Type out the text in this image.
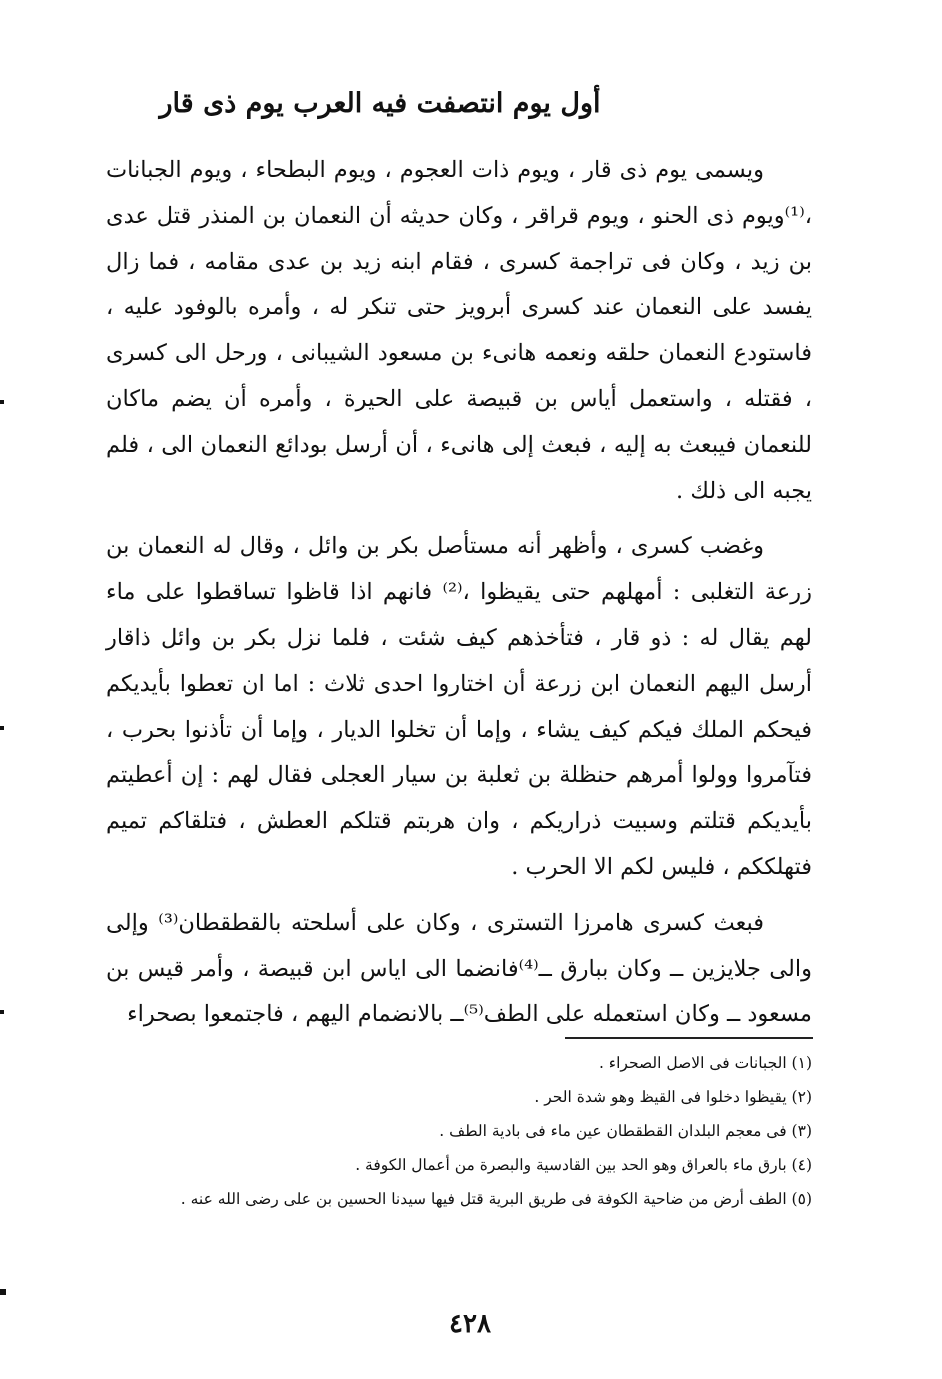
أول يوم انتصفت فيه العرب يوم ذى قار

ويسمى يوم ذى قار ، ويوم ذات العجوم ، ويوم البطحاء ، ويوم الجبانات ،⁽¹⁾ويوم ذى الحنو ، ويوم قراقر ، وكان حديثه أن النعمان بن المنذر قتل عدى بن زيد ، وكان فى تراجمة كسرى ، فقام ابنه زيد بن عدى مقامه ، فما زال يفسد على النعمان عند كسرى أبرويز حتى تنكر له ، وأمره بالوفود عليه ، فاستودع النعمان حلقه ونعمه هانىء بن مسعود الشيبانى ، ورحل الى كسرى ، فقتله ، واستعمل أياس بن قبيصة على الحيرة ، وأمره أن يضم ماكان للنعمان فيبعث به إليه ، فبعث إلى هانىء ، أن أرسل بودائع النعمان الى ، فلم يجبه الى ذلك .

وغضب كسرى ، وأظهر أنه مستأصل بكر بن وائل ، وقال له النعمان بن زرعة التغلبى : أمهلهم حتى يقيظوا ،⁽²⁾ فانهم اذا قاظوا تساقطوا على ماء لهم يقال له : ذو قار ، فتأخذهم كيف شئت ، فلما نزل بكر بن وائل ذاقار أرسل اليهم النعمان ابن زرعة أن اختاروا احدى ثلاث : اما ان تعطوا بأيديكم فيحكم الملك فيكم كيف يشاء ، وإما أن تخلوا الديار ، وإما أن تأذنوا بحرب ، فتآمروا وولوا أمرهم حنظلة بن ثعلبة بن سيار العجلى فقال لهم : إن أعطيتم بأيديكم قتلتم وسبيت ذراريكم ، وان هربتم قتلكم العطش ، فتلقاكم تميم فتهلككم ، فليس لكم الا الحرب .

فبعث كسرى هامرزا التسترى ، وكان على أسلحته بالقطقطان⁽³⁾ وإلى والى جلايزين ــ وكان ببارق ــ⁽⁴⁾فانضما الى اياس ابن قبيصة ، وأمر قيس بن مسعود ــ وكان استعمله على الطف⁽⁵⁾ــ بالانضمام اليهم ، فاجتمعوا بصحراء

(١) الجبانات فى الاصل الصحراء .
(٢) يقيظوا دخلوا فى القيظ وهو شدة الحر .
(٣) فى معجم البلدان القطقطان عين ماء فى بادية الطف .
(٤) بارق ماء بالعراق وهو الحد بين القادسية والبصرة من أعمال الكوفة .
(٥) الطف أرض من ضاحية الكوفة فى طريق البرية قتل فيها سيدنا الحسين بن على رضى الله عنه .
٤٢٨
